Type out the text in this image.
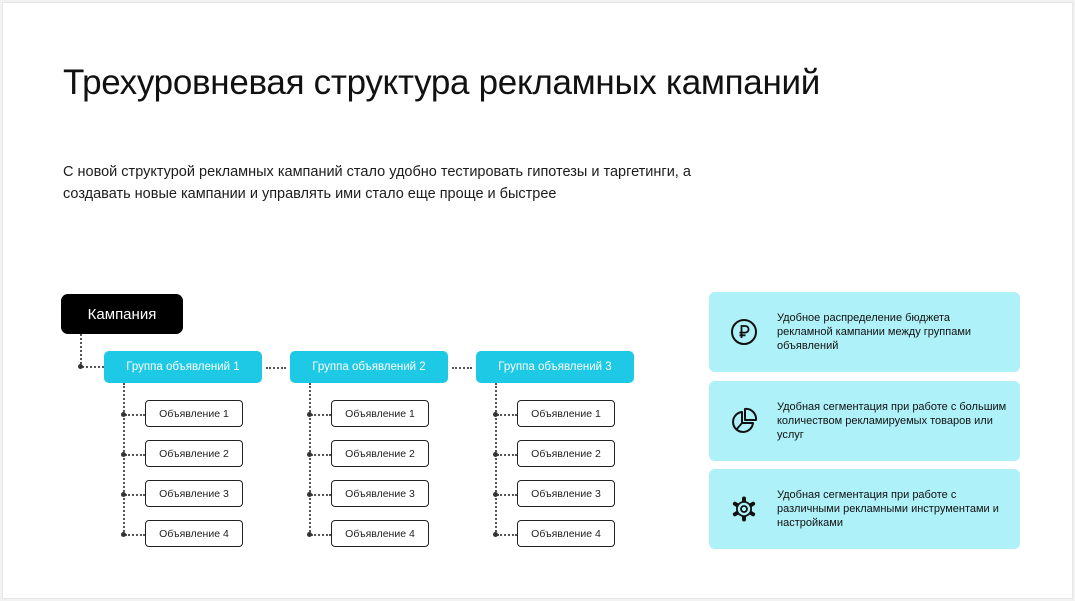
Трехуровневая структура рекламных кампаний

С новой структурой рекламных кампаний стало удобно тестировать гипотезы и таргетинги, а создавать новые кампании и управлять ими стало еще проще и быстрее

Кампания
Группа объявлений 1
Объявление 1
Объявление 2
Объявление 3
Объявление 4
Группа объявлений 2
Объявление 1
Объявление 2
Объявление 3
Объявление 4
Группа объявлений 3
Объявление 1
Объявление 2
Объявление 3
Объявление 4
Удобное распределение бюджета рекламной кампании между группами объявлений
Удобная сегментация при работе с большим количеством рекламируемых товаров или услуг
Удобная сегментация при работе с различными рекламными инструментами и настройками
